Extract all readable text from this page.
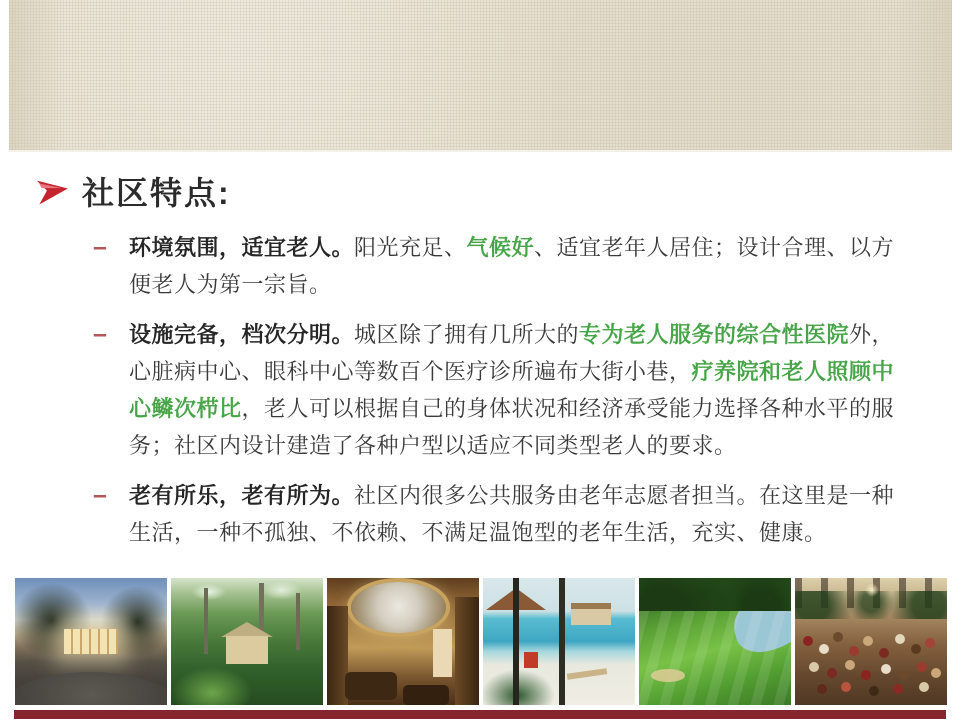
社区特点:
–	环境氛围，适宜老人。阳光充足、气候好、适宜老年人居住；设计合理、以方
便老人为第一宗旨。
–	设施完备，档次分明。城区除了拥有几所大的专为老人服务的综合性医院外，
心脏病中心、眼科中心等数百个医疗诊所遍布大街小巷，疗养院和老人照顾中
心鳞次栉比，老人可以根据自己的身体状况和经济承受能力选择各种水平的服
务；社区内设计建造了各种户型以适应不同类型老人的要求。
–	老有所乐，老有所为。社区内很多公共服务由老年志愿者担当。在这里是一种
生活，一种不孤独、不依赖、不满足温饱型的老年生活，充实、健康。
